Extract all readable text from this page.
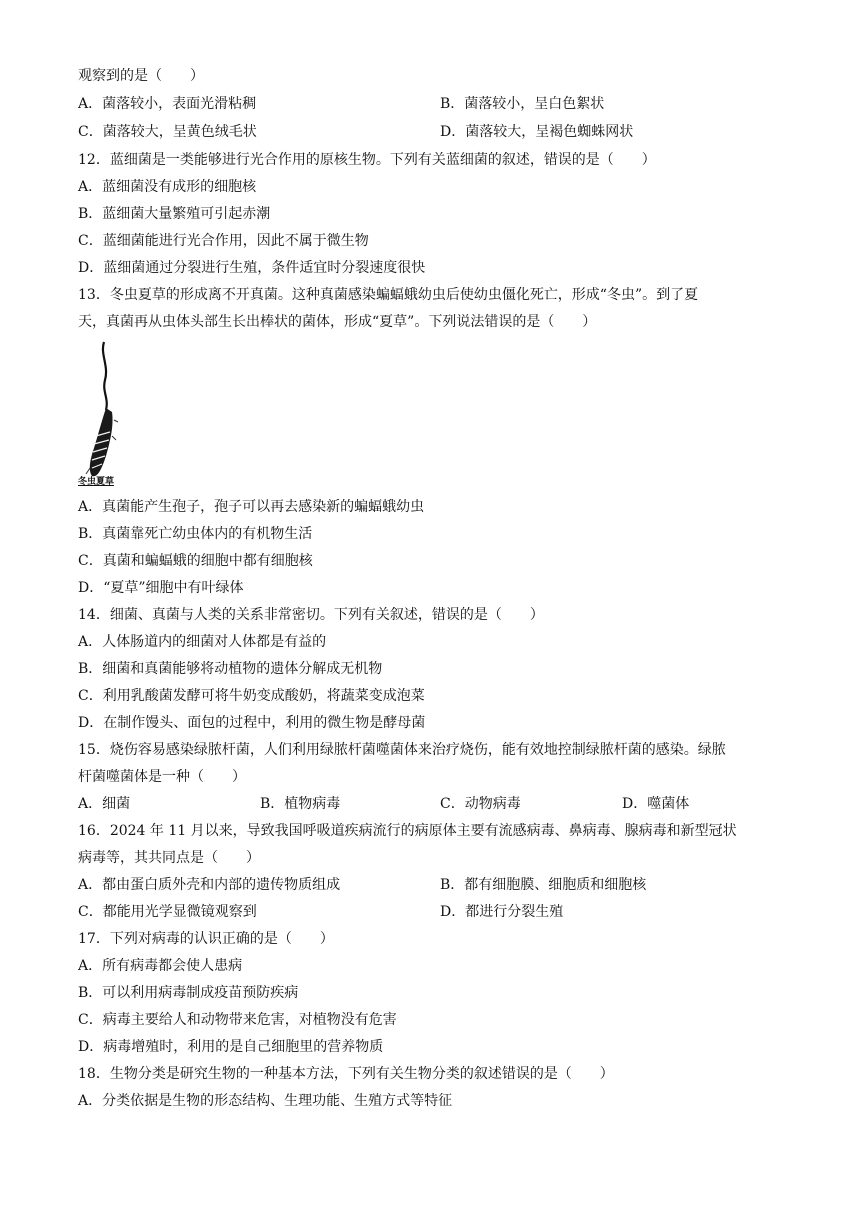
观察到的是（　　）
A．菌落较小，表面光滑粘稠	B．菌落较小，呈白色絮状
C．菌落较大，呈黄色绒毛状	D．菌落较大，呈褐色蜘蛛网状
12．蓝细菌是一类能够进行光合作用的原核生物。下列有关蓝细菌的叙述，错误的是（　　）
A．蓝细菌没有成形的细胞核
B．蓝细菌大量繁殖可引起赤潮
C．蓝细菌能进行光合作用，因此不属于微生物
D．蓝细菌通过分裂进行生殖，条件适宜时分裂速度很快
13．冬虫夏草的形成离不开真菌。这种真菌感染蝙蝠蛾幼虫后使幼虫僵化死亡，形成“冬虫”。到了夏
天，真菌再从虫体头部生长出棒状的菌体，形成“夏草”。下列说法错误的是（　　）
冬虫夏草
A．真菌能产生孢子，孢子可以再去感染新的蝙蝠蛾幼虫
B．真菌靠死亡幼虫体内的有机物生活
C．真菌和蝙蝠蛾的细胞中都有细胞核
D．“夏草”细胞中有叶绿体
14．细菌、真菌与人类的关系非常密切。下列有关叙述，错误的是（　　）
A．人体肠道内的细菌对人体都是有益的
B．细菌和真菌能够将动植物的遗体分解成无机物
C．利用乳酸菌发酵可将牛奶变成酸奶，将蔬菜变成泡菜
D．在制作馒头、面包的过程中，利用的微生物是酵母菌
15．烧伤容易感染绿脓杆菌，人们利用绿脓杆菌噬菌体来治疗烧伤，能有效地控制绿脓杆菌的感染。绿脓
杆菌噬菌体是一种（　　）
A．细菌	B．植物病毒	C．动物病毒	D．噬菌体
16．2024 年 11 月以来，导致我国呼吸道疾病流行的病原体主要有流感病毒、鼻病毒、腺病毒和新型冠状
病毒等，其共同点是（　　）
A．都由蛋白质外壳和内部的遗传物质组成	B．都有细胞膜、细胞质和细胞核
C．都能用光学显微镜观察到	D．都进行分裂生殖
17．下列对病毒的认识正确的是（　　）
A．所有病毒都会使人患病
B．可以利用病毒制成疫苗预防疾病
C．病毒主要给人和动物带来危害，对植物没有危害
D．病毒增殖时，利用的是自己细胞里的营养物质
18．生物分类是研究生物的一种基本方法，下列有关生物分类的叙述错误的是（　　）
A．分类依据是生物的形态结构、生理功能、生殖方式等特征
